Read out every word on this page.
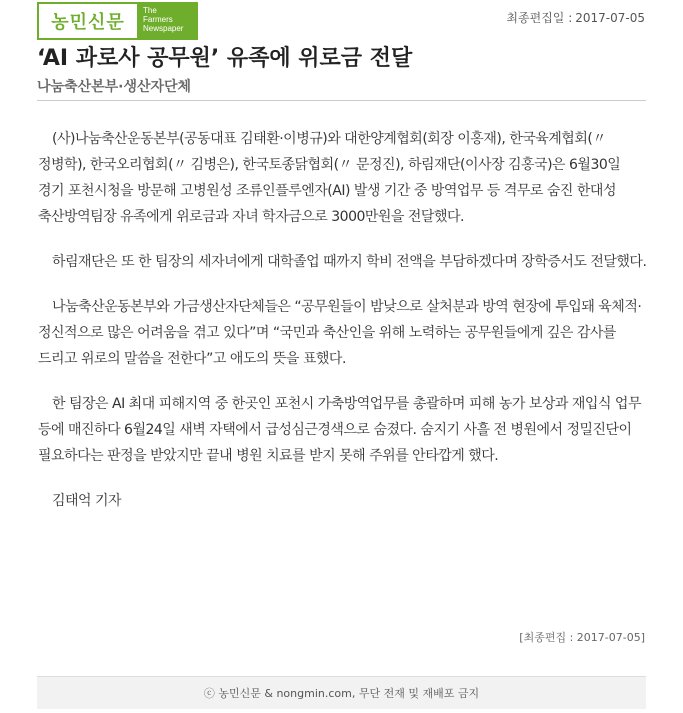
농민신문
The
Farmers
Newspaper
최종편집일 : 2017-07-05
‘AI 과로사 공무원’ 유족에 위로금 전달
나눔축산본부·생산자단체

(사)나눔축산운동본부(공동대표 김태환·이병규)와 대한양계협회(회장 이홍재), 한국육계협회(〃 정병학), 한국오리협회(〃 김병은), 한국토종닭협회(〃 문정진), 하림재단(이사장 김홍국)은 6월30일 경기 포천시청을 방문해 고병원성 조류인플루엔자(AI) 발생 기간 중 방역업무 등 격무로 숨진 한대성 축산방역팀장 유족에게 위로금과 자녀 학자금으로 3000만원을 전달했다.

하림재단은 또 한 팀장의 세자녀에게 대학졸업 때까지 학비 전액을 부담하겠다며 장학증서도 전달했다.

나눔축산운동본부와 가금생산자단체들은 “공무원들이 밤낮으로 살처분과 방역 현장에 투입돼 육체적·정신적으로 많은 어려움을 겪고 있다”며 “국민과 축산인을 위해 노력하는 공무원들에게 깊은 감사를 드리고 위로의 말씀을 전한다”고 애도의 뜻을 표했다.

한 팀장은 AI 최대 피해지역 중 한곳인 포천시 가축방역업무를 총괄하며 피해 농가 보상과 재입식 업무 등에 매진하다 6월24일 새벽 자택에서 급성심근경색으로 숨졌다. 숨지기 사흘 전 병원에서 정밀진단이 필요하다는 판정을 받았지만 끝내 병원 치료를 받지 못해 주위를 안타깝게 했다.

김태억 기자

[최종편집 : 2017-07-05]
ⓒ 농민신문 & nongmin.com, 무단 전재 및 재배포 금지
